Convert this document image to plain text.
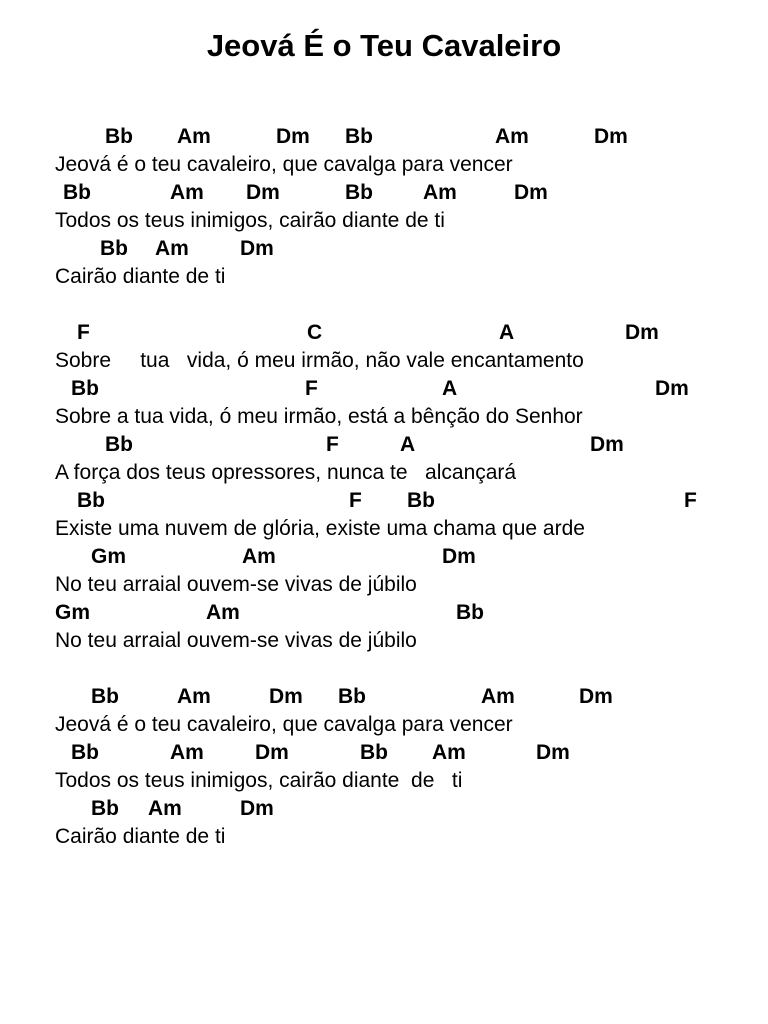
Jeová É o Teu Cavaleiro
Bb Am	Dm Bb	Am	Dm

Jeová é o teu cavaleiro, que cavalga para vencer

Bb	Am Dm	Bb Am	Dm

Todos os teus inimigos, cairão diante de ti

Bb Am Dm

Cairão diante de ti

F	C	A	Dm

Sobre     tua   vida, ó meu irmão, não vale encantamento

Bb	F	A	Dm

Sobre a tua vida, ó meu irmão, está a bênção do Senhor

Bb	F	A	Dm

A força dos teus opressores, nunca te   alcançará

Bb	F Bb	F

Existe uma nuvem de glória, existe uma chama que arde

Gm	Am	Dm

No teu arraial ouvem-se vivas de júbilo

Gm	Am	Bb

No teu arraial ouvem-se vivas de júbilo

Bb	Am	Dm Bb	Am	Dm

Jeová é o teu cavaleiro, que cavalga para vencer

Bb	Am Dm	Bb Am	Dm

Todos os teus inimigos, cairão diante  de   ti

Bb Am	Dm

Cairão diante de ti
